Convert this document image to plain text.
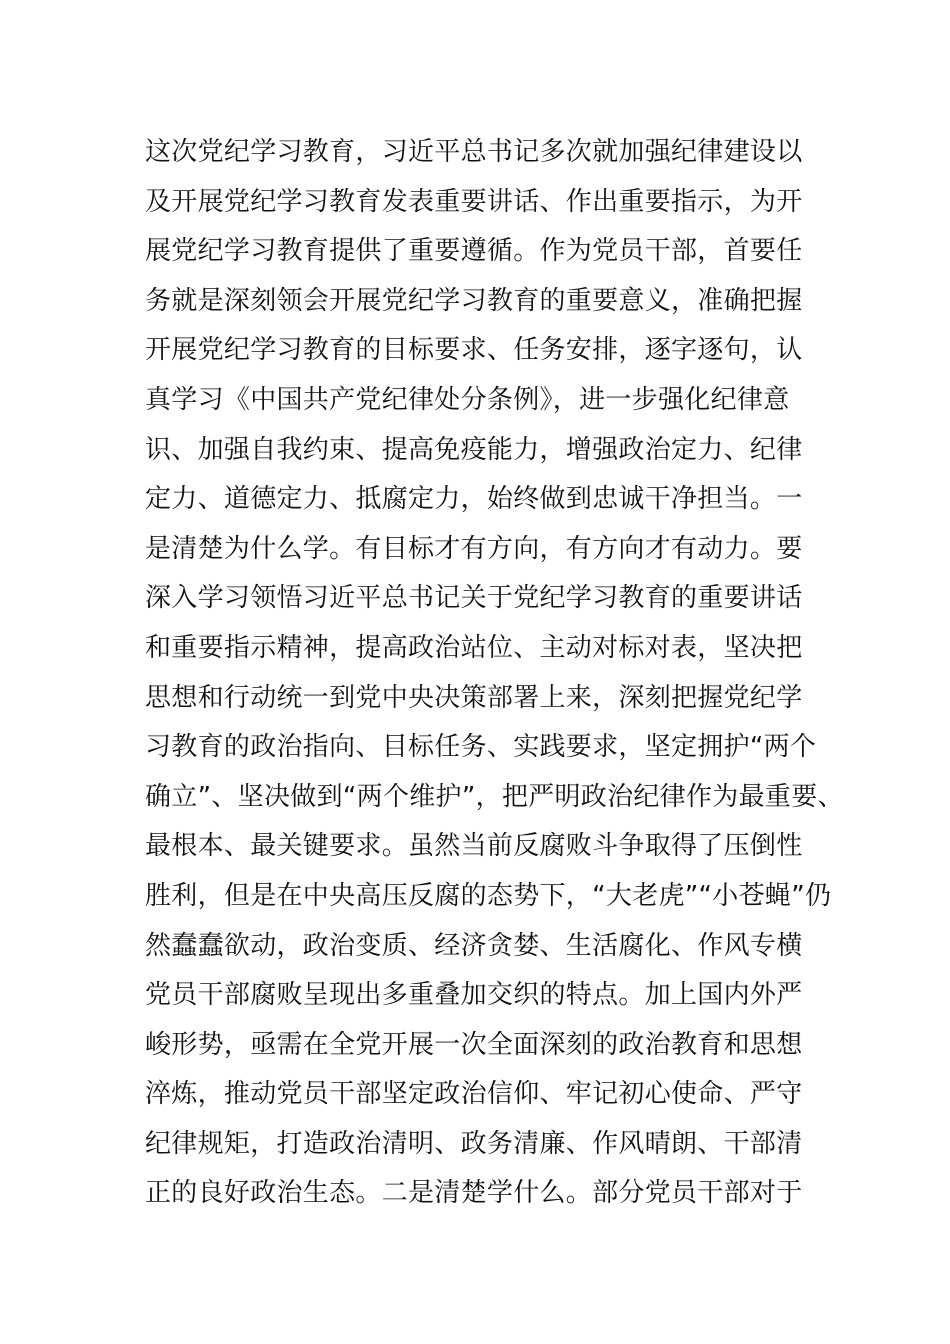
这次党纪学习教育，习近平总书记多次就加强纪律建设以
及开展党纪学习教育发表重要讲话、作出重要指示，为开
展党纪学习教育提供了重要遵循。作为党员干部，首要任
务就是深刻领会开展党纪学习教育的重要意义，准确把握
开展党纪学习教育的目标要求、任务安排，逐字逐句，认
真学习《中国共产党纪律处分条例》，进一步强化纪律意
识、加强自我约束、提高免疫能力，增强政治定力、纪律
定力、道德定力、抵腐定力，始终做到忠诚干净担当。一
是清楚为什么学。有目标才有方向，有方向才有动力。要
深入学习领悟习近平总书记关于党纪学习教育的重要讲话
和重要指示精神，提高政治站位、主动对标对表，坚决把
思想和行动统一到党中央决策部署上来，深刻把握党纪学
习教育的政治指向、目标任务、实践要求，坚定拥护“两个
确立”、坚决做到“两个维护”，把严明政治纪律作为最重要、
最根本、最关键要求。虽然当前反腐败斗争取得了压倒性
胜利，但是在中央高压反腐的态势下，“大老虎”“小苍蝇”仍
然蠢蠢欲动，政治变质、经济贪婪、生活腐化、作风专横
党员干部腐败呈现出多重叠加交织的特点。加上国内外严
峻形势，亟需在全党开展一次全面深刻的政治教育和思想
淬炼，推动党员干部坚定政治信仰、牢记初心使命、严守
纪律规矩，打造政治清明、政务清廉、作风晴朗、干部清
正的良好政治生态。二是清楚学什么。部分党员干部对于
